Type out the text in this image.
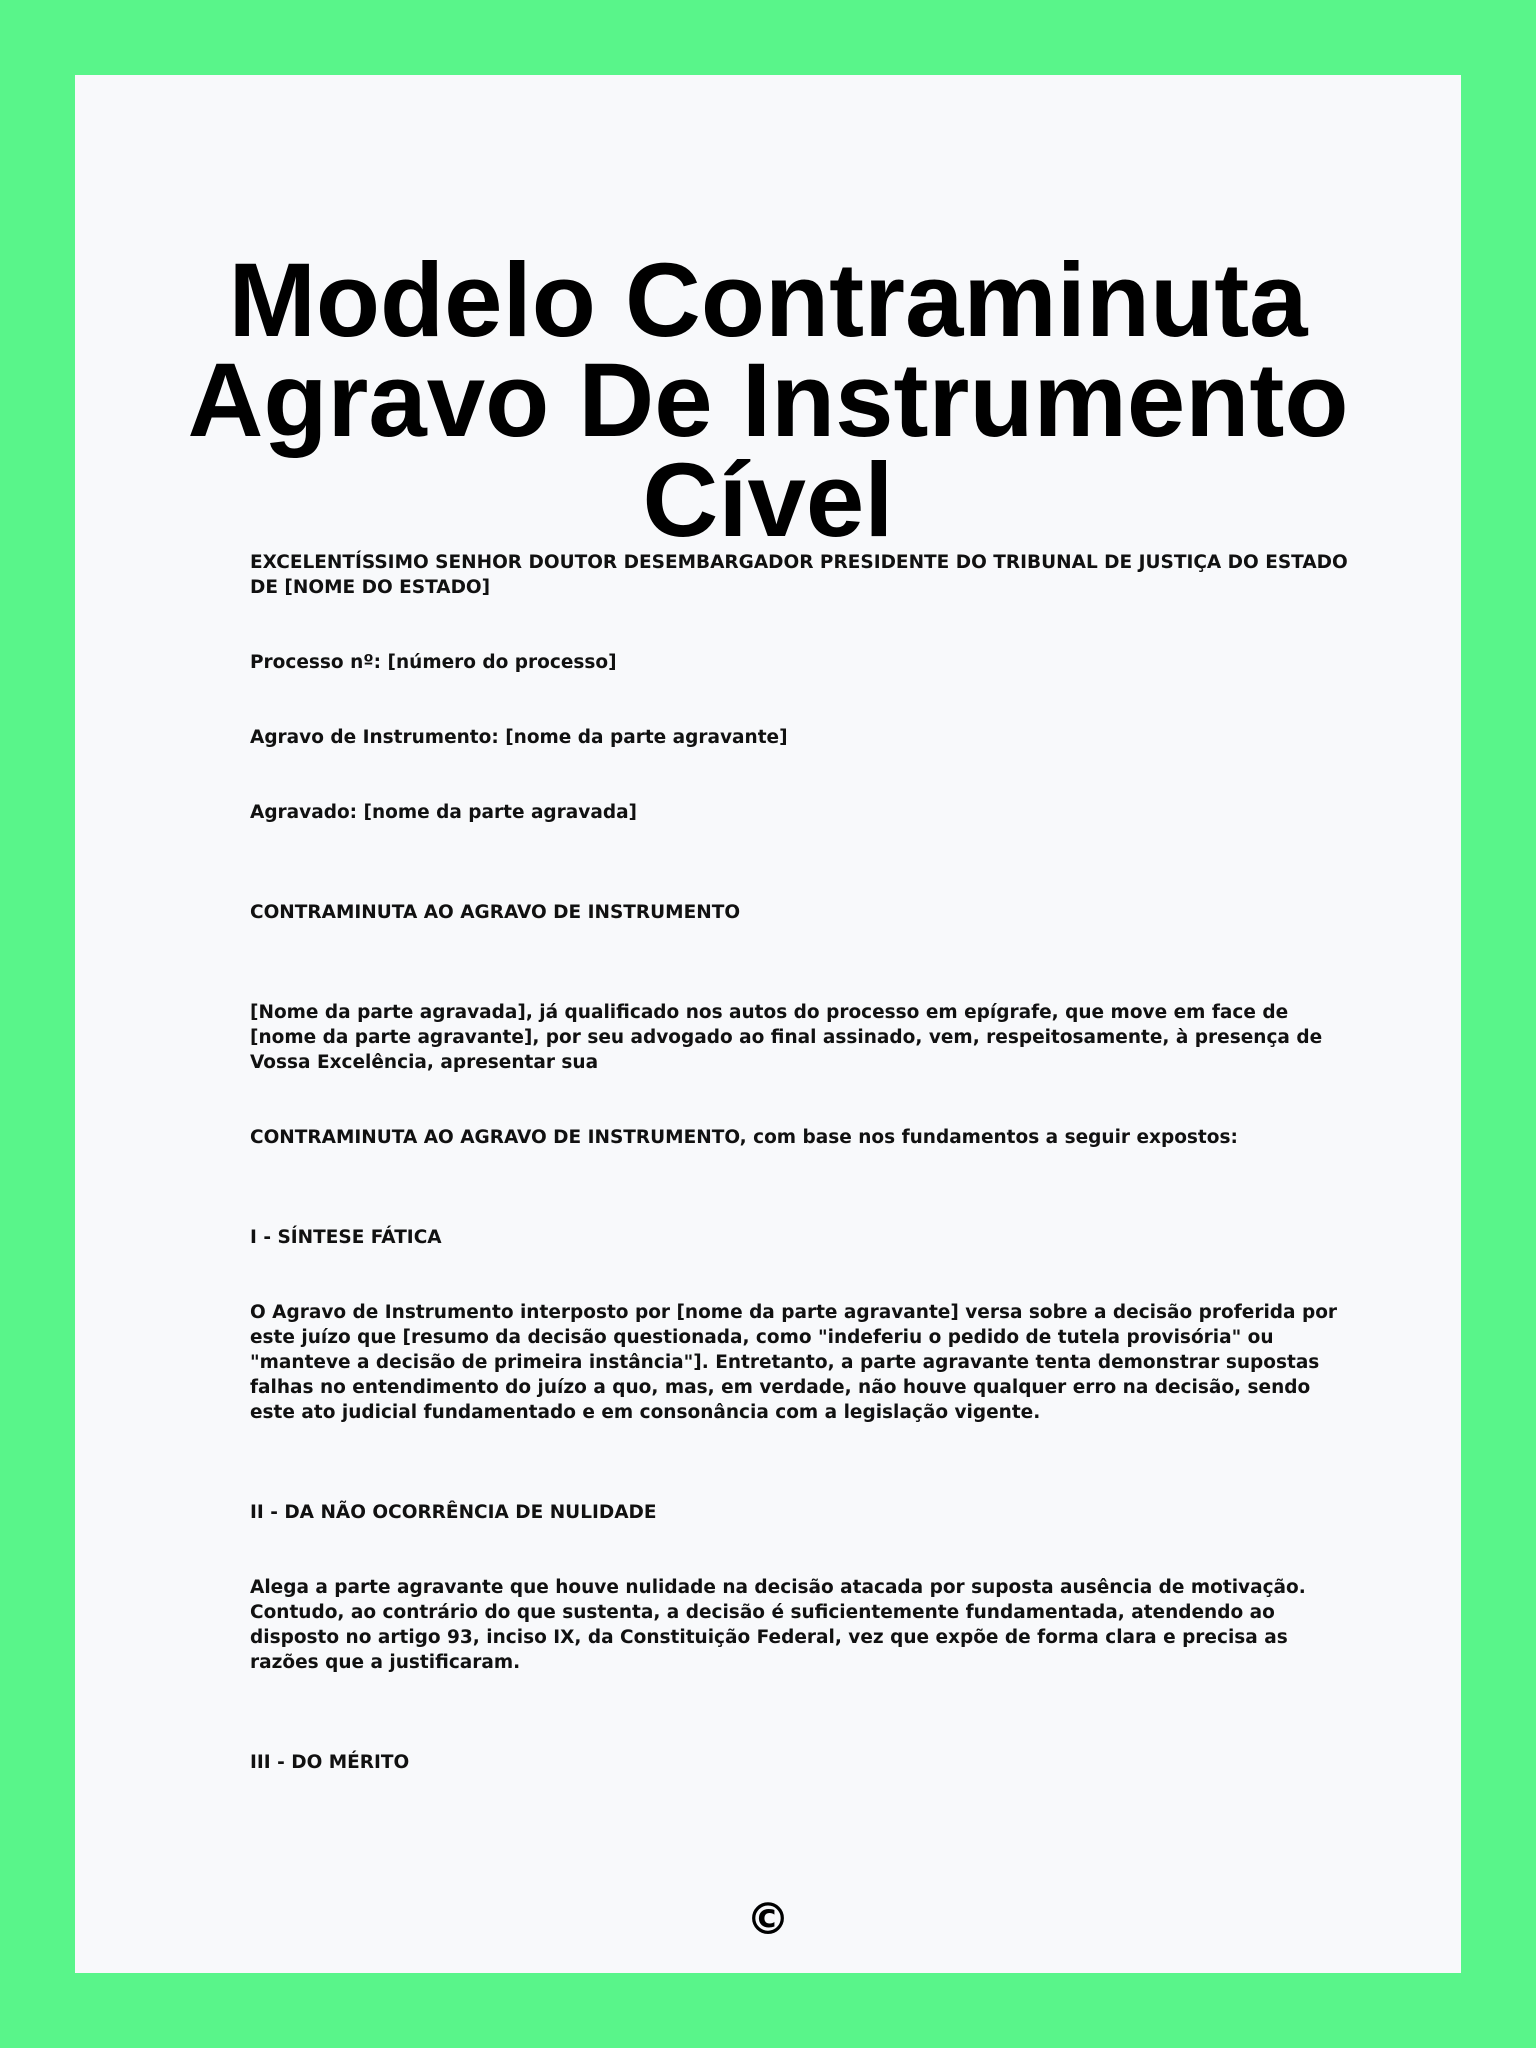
Modelo Contraminuta Agravo De Instrumento Cível

EXCELENTÍSSIMO SENHOR DOUTOR DESEMBARGADOR PRESIDENTE DO TRIBUNAL DE JUSTIÇA DO ESTADO DE [NOME DO ESTADO]

Processo nº: [número do processo]

Agravo de Instrumento: [nome da parte agravante]

Agravado: [nome da parte agravada]

CONTRAMINUTA AO AGRAVO DE INSTRUMENTO

[Nome da parte agravada], já qualificado nos autos do processo em epígrafe, que move em face de [nome da parte agravante], por seu advogado ao final assinado, vem, respeitosamente, à presença de Vossa Excelência, apresentar sua

CONTRAMINUTA AO AGRAVO DE INSTRUMENTO, com base nos fundamentos a seguir expostos:

I - SÍNTESE FÁTICA

O Agravo de Instrumento interposto por [nome da parte agravante] versa sobre a decisão proferida por este juízo que [resumo da decisão questionada, como "indeferiu o pedido de tutela provisória" ou "manteve a decisão de primeira instância"]. Entretanto, a parte agravante tenta demonstrar supostas falhas no entendimento do juízo a quo, mas, em verdade, não houve qualquer erro na decisão, sendo este ato judicial fundamentado e em consonância com a legislação vigente.

II - DA NÃO OCORRÊNCIA DE NULIDADE

Alega a parte agravante que houve nulidade na decisão atacada por suposta ausência de motivação. Contudo, ao contrário do que sustenta, a decisão é suficientemente fundamentada, atendendo ao disposto no artigo 93, inciso IX, da Constituição Federal, vez que expõe de forma clara e precisa as razões que a justificaram.

III - DO MÉRITO

©
